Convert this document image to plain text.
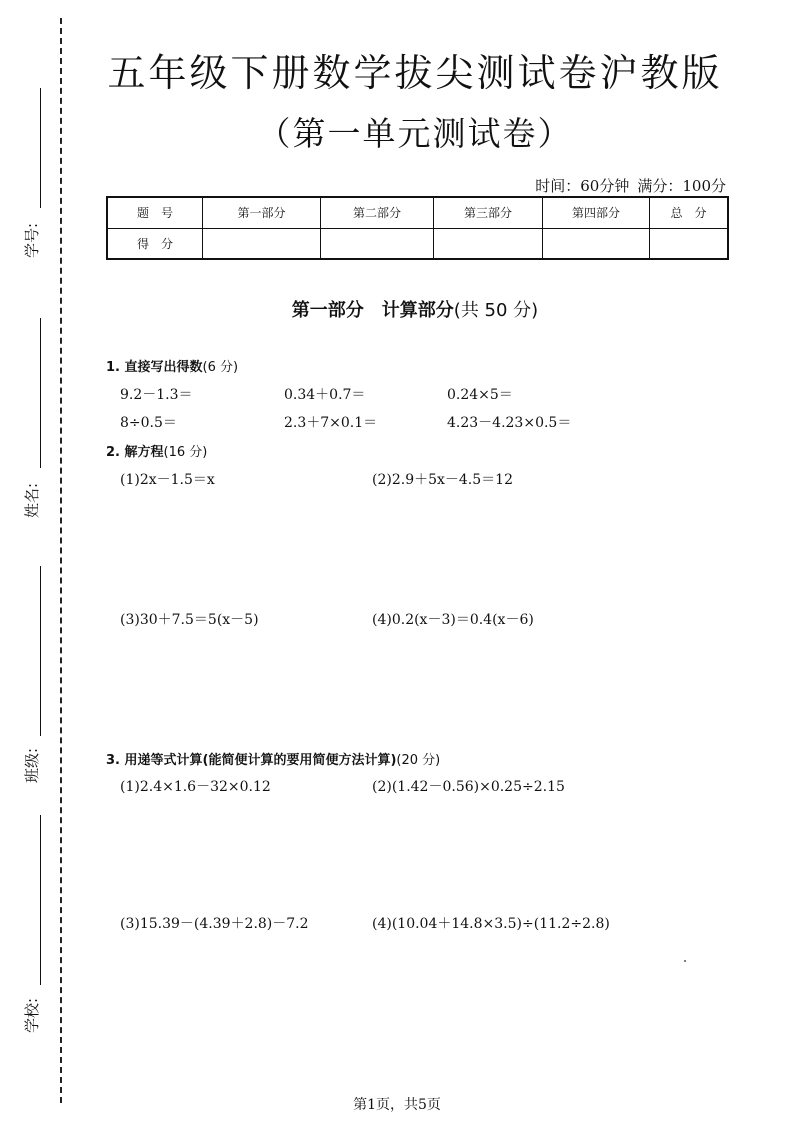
学号:
姓名:
班级:
学校:
五年级下册数学拔尖测试卷沪教版
（第一单元测试卷）
时间：60分钟 满分：100分
题　号	第一部分	第二部分	第三部分	第四部分	总　分
得　分					
第一部分　计算部分(共 50 分)
1. 直接写出得数(6 分)
9.2－1.3＝	0.34＋0.7＝	0.24×5＝
8÷0.5＝	2.3＋7×0.1＝	4.23－4.23×0.5＝
2. 解方程(16 分)
(1)2x－1.5＝x	(2)2.9＋5x－4.5＝12
(3)30＋7.5＝5(x－5)	(4)0.2(x－3)＝0.4(x－6)
3. 用递等式计算(能简便计算的要用简便方法计算)(20 分)
(1)2.4×1.6－32×0.12	(2)(1.42－0.56)×0.25÷2.15
(3)15.39－(4.39＋2.8)－7.2	(4)(10.04＋14.8×3.5)÷(11.2÷2.8)
第1页，共5页
